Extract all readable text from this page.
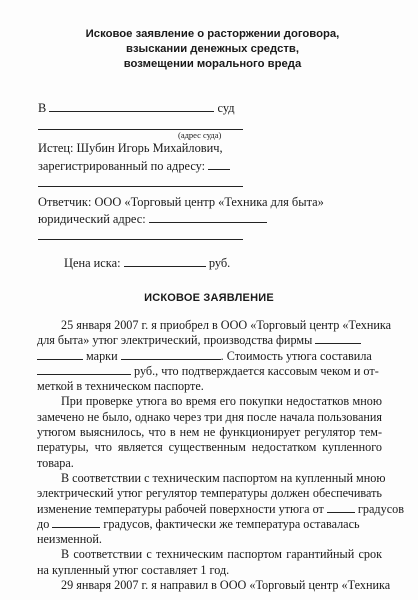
Исковое заявление о расторжении договора,
взыскании денежных средств,
возмещении морального вреда
В	суд
(адрес суда)
Истец: Шубин Игорь Михайлович,
зарегистрированный по адресу:
Ответчик: ООО «Торговый центр «Техника для быта»
юридический адрес:
Цена иска:	руб.
ИСКОВОЕ ЗАЯВЛЕНИЕ
25 января 2007 г. я приобрел в ООО «Торговый центр «Техника
для быта» утюг электрический, производства фирмы
марки	. Стоимость утюга составила
руб., что подтверждается кассовым чеком и от-
меткой в техническом паспорте.
При проверке утюга во время его покупки недостатков мною
замечено не было, однако через три дня после начала пользования
утюгом выяснилось, что в нем не функционирует регулятор тем-
пературы, что является существенным недостатком купленного
товара.
В соответствии с техническим паспортом на купленный мною
электрический утюг регулятор температуры должен обеспечивать
изменение температуры рабочей поверхности утюга от	градусов
до	градусов, фактически же температура оставалась
неизменной.
В соответствии с техническим паспортом гарантийный срок
на купленный утюг составляет 1 год.
29 января 2007 г. я направил в ООО «Торговый центр «Техника
